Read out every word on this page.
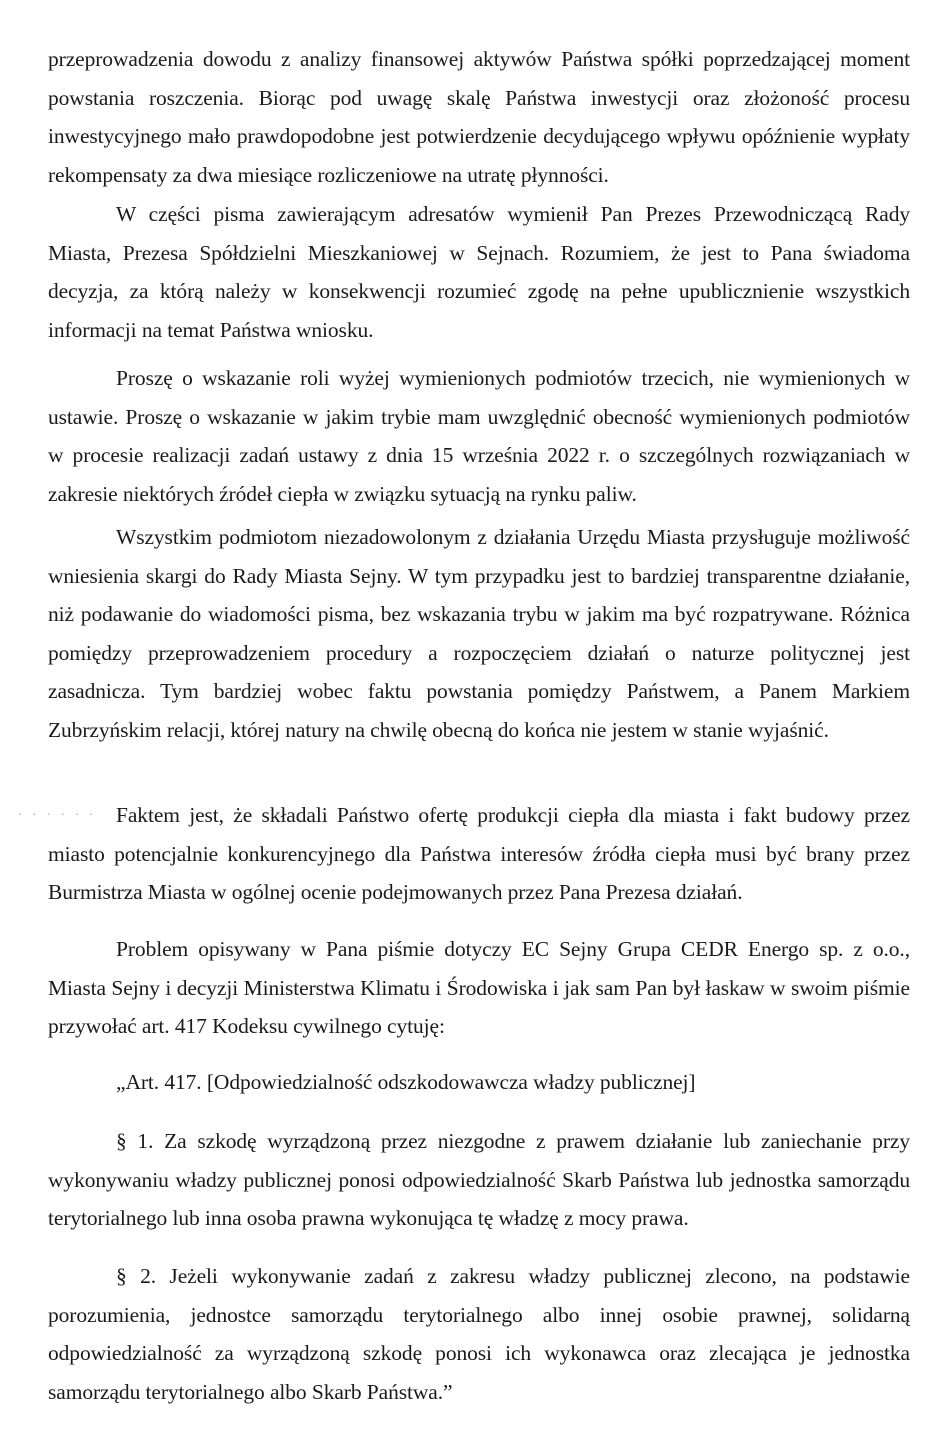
przeprowadzenia dowodu z analizy finansowej aktywów Państwa spółki poprzedzającej moment powstania roszczenia. Biorąc pod uwagę skalę Państwa inwestycji oraz złożoność procesu inwestycyjnego mało prawdopodobne jest potwierdzenie decydującego wpływu opóźnienie wypłaty rekompensaty za dwa miesiące rozliczeniowe na utratę płynności.

W części pisma zawierającym adresatów wymienił Pan Prezes Przewodniczącą Rady Miasta, Prezesa Spółdzielni Mieszkaniowej w Sejnach. Rozumiem, że jest to Pana świadoma decyzja, za którą należy w konsekwencji rozumieć zgodę na pełne upublicznienie wszystkich informacji na temat Państwa wniosku.

Proszę o wskazanie roli wyżej wymienionych podmiotów trzecich, nie wymienionych w ustawie. Proszę o wskazanie w jakim trybie mam uwzględnić obecność wymienionych podmiotów w procesie realizacji zadań ustawy z dnia 15 września 2022 r. o szczególnych rozwiązaniach w zakresie niektórych źródeł ciepła w związku sytuacją na rynku paliw.

Wszystkim podmiotom niezadowolonym z działania Urzędu Miasta przysługuje możliwość wniesienia skargi do Rady Miasta Sejny. W tym przypadku jest to bardziej transparentne działanie, niż podawanie do wiadomości pisma, bez wskazania trybu w jakim ma być rozpatrywane. Różnica pomiędzy przeprowadzeniem procedury a rozpoczęciem działań o naturze politycznej jest zasadnicza. Tym bardziej wobec faktu powstania pomiędzy Państwem, a Panem Markiem Zubrzyńskim relacji, której natury na chwilę obecną do końca nie jestem w stanie wyjaśnić.

· · · · · · Faktem jest, że składali Państwo ofertę produkcji ciepła dla miasta i fakt budowy przez miasto potencjalnie konkurencyjnego dla Państwa interesów źródła ciepła musi być brany przez Burmistrza Miasta w ogólnej ocenie podejmowanych przez Pana Prezesa działań.

Problem opisywany w Pana piśmie dotyczy EC Sejny Grupa CEDR Energo sp. z o.o., Miasta Sejny i decyzji Ministerstwa Klimatu i Środowiska i jak sam Pan był łaskaw w swoim piśmie przywołać art. 417 Kodeksu cywilnego cytuję:

„Art. 417. [Odpowiedzialność odszkodowawcza władzy publicznej]

§ 1. Za szkodę wyrządzoną przez niezgodne z prawem działanie lub zaniechanie przy wykonywaniu władzy publicznej ponosi odpowiedzialność Skarb Państwa lub jednostka samorządu terytorialnego lub inna osoba prawna wykonująca tę władzę z mocy prawa.

§ 2. Jeżeli wykonywanie zadań z zakresu władzy publicznej zlecono, na podstawie porozumienia, jednostce samorządu terytorialnego albo innej osobie prawnej, solidarną odpowiedzialność za wyrządzoną szkodę ponosi ich wykonawca oraz zlecająca je jednostka samorządu terytorialnego albo Skarb Państwa.”
